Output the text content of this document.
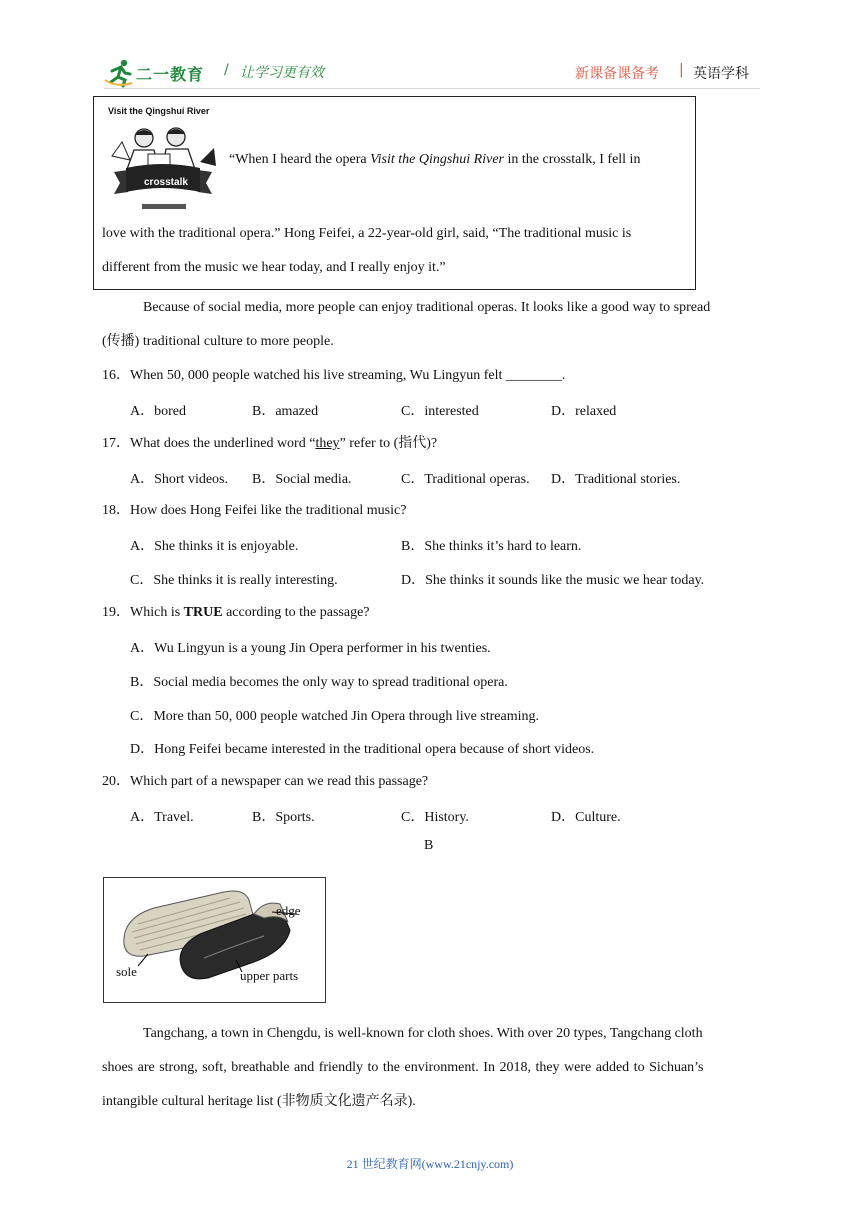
二一教育 / 让学习更有效	新课备课备考 | 英语学科
Visit the Qingshui River
crosstalk
“When I heard the opera Visit the Qingshui River in the crosstalk, I fell in
love with the traditional opera.” Hong Feifei, a 22-year-old girl, said, “The traditional music is
different from the music we hear today, and I really enjoy it.”
Because of social media, more people can enjoy traditional operas. It looks like a good way to spread
(传播) traditional culture to more people.
16．When 50, 000 people watched his live streaming, Wu Lingyun felt ________.
A．bored	B．amazed	C．interested	D．relaxed
17．What does the underlined word “they” refer to (指代)?
A．Short videos. B．Social media.	C．Traditional operas. D．Traditional stories.
18．How does Hong Feifei like the traditional music?
A．She thinks it is enjoyable.	B．She thinks it’s hard to learn.
C．She thinks it is really interesting.	D．She thinks it sounds like the music we hear today.
19．Which is TRUE according to the passage?
A．Wu Lingyun is a young Jin Opera performer in his twenties.
B．Social media becomes the only way to spread traditional opera.
C．More than 50, 000 people watched Jin Opera through live streaming.
D．Hong Feifei became interested in the traditional opera because of short videos.
20．Which part of a newspaper can we read this passage?
A．Travel.	B．Sports.	C．History.	D．Culture.
B
edge
sole	upper parts
Tangchang, a town in Chengdu, is well-known for cloth shoes. With over 20 types, Tangchang cloth
shoes are strong, soft, breathable and friendly to the environment. In 2018, they were added to Sichuan’s
intangible cultural heritage list (非物质文化遗产名录).
21 世纪教育网(www.21cnjy.com)
